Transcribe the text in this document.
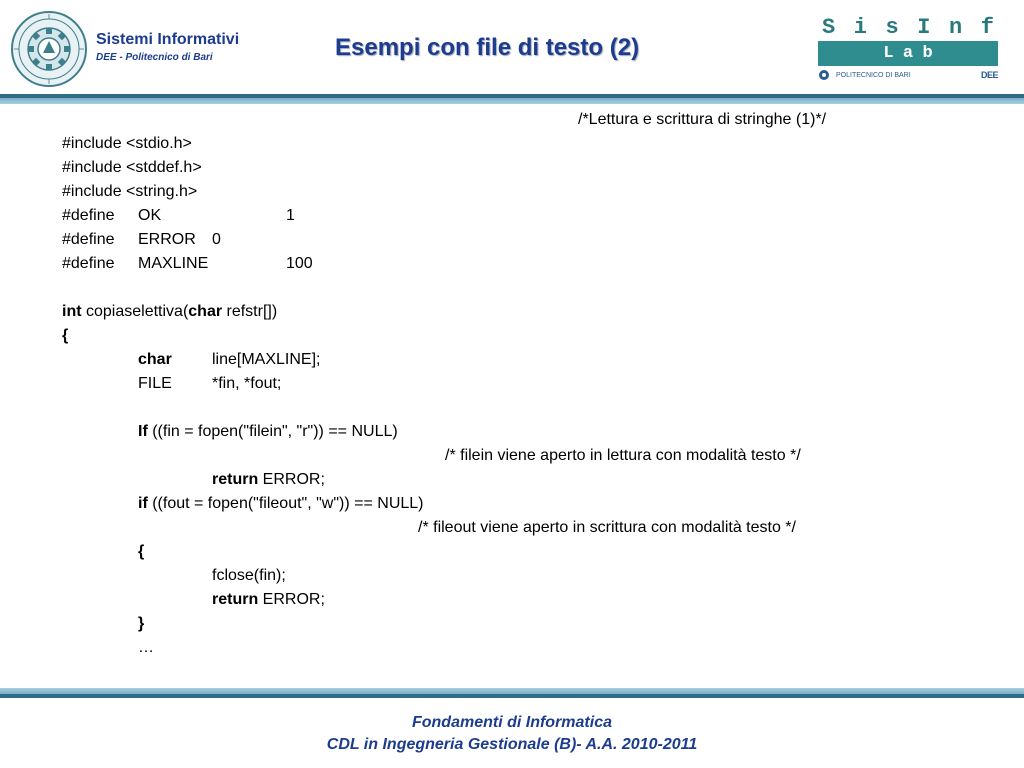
Sistemi Informativi
DEE - Politecnico di Bari	Esempi con file di testo (2)
S i s I n f
L a b
POLITECNICO DI BARI	DEE
/*Lettura e scrittura di stringhe (1)*/
#include <stdio.h>
#include <stddef.h>
#include <string.h>
#define OK	1
#define ERROR 0
#define MAXLINE	100
int copiaselettiva(char refstr[])
{
char	line[MAXLINE];
FILE	*fin, *fout;
If ((fin = fopen("filein", "r")) == NULL)
/* filein viene aperto in lettura con modalità testo */
return ERROR;
if ((fout = fopen("fileout", "w")) == NULL)
/* fileout viene aperto in scrittura con modalità testo */
{
fclose(fin);
return ERROR;
}
…
Fondamenti di Informatica
CDL in Ingegneria Gestionale (B)- A.A. 2010-2011
